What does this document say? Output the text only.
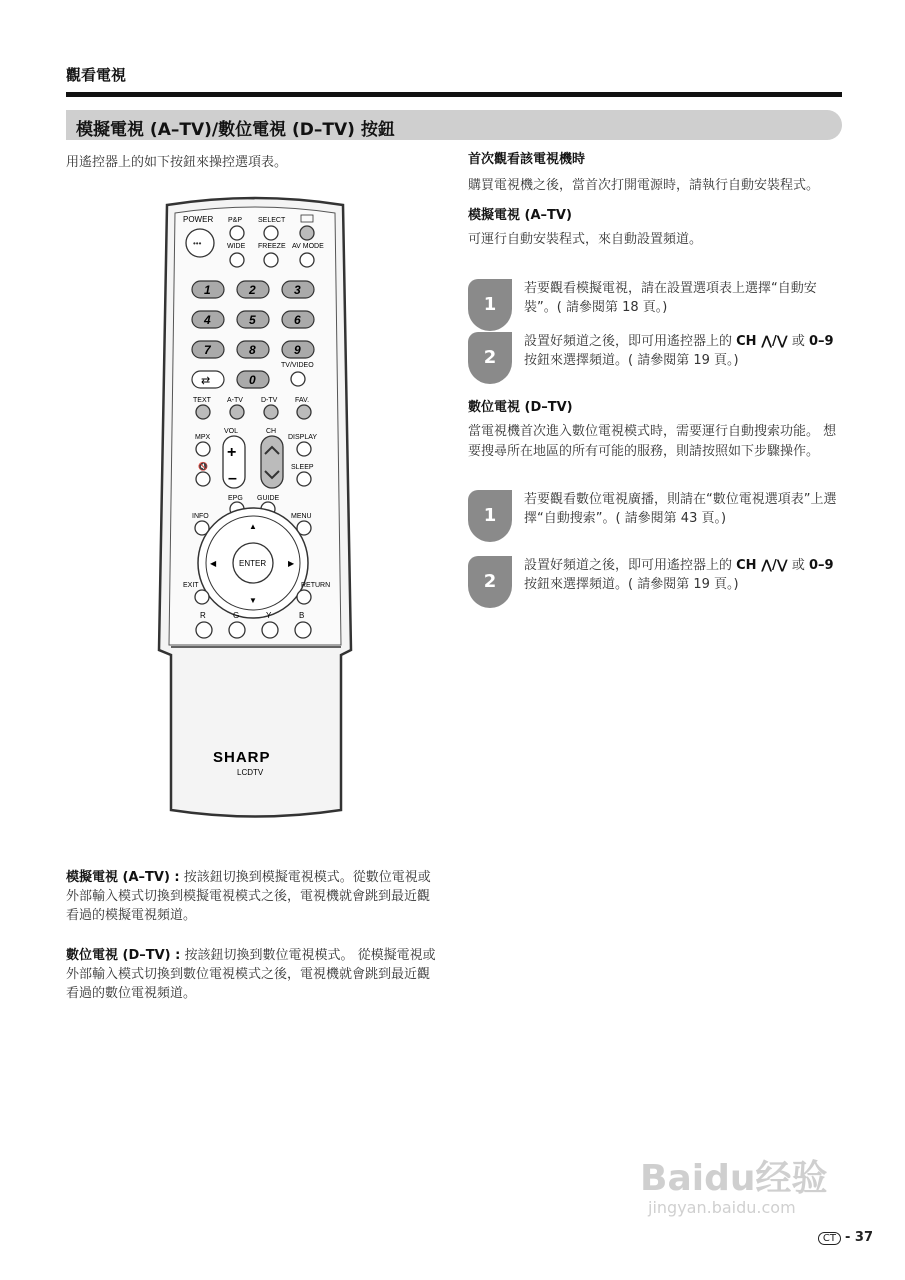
觀看電視
模擬電視 (A–TV)/數位電視 (D–TV) 按鈕
用遙控器上的如下按鈕來操控選項表。
POWER P&P SELECT
•••	WIDE FREEZE AV MODE
1	2	3
4	5	6
7	8	9
TV/VIDEO
⇄	0
TEXT A-TV	D-TV	FAV.
MPX
VOL	CH
DISPLAY
+
–
🔇	SLEEP
EPG GUIDE
INFO	MENU
ENTER
▲
▼
◀	▶
EXIT	RETURN
R	G	Y	B
SHARP
LCDTV
首次觀看該電視機時
購買電視機之後，當首次打開電源時，請執行自動安裝程式。
模擬電視 (A–TV)
可運行自動安裝程式，來自動設置頻道。
1
若要觀看模擬電視，請在設置選項表上選擇“自動安裝”。( 請參閱第 18 頁。)
2
設置好頻道之後，即可用遙控器上的 CH ⋀/⋁ 或 0–9 按鈕來選擇頻道。( 請參閱第 19 頁。)
數位電視 (D–TV)
當電視機首次進入數位電視模式時，需要運行自動搜索功能。 想要搜尋所在地區的所有可能的服務，則請按照如下步驟操作。
1
若要觀看數位電視廣播，則請在“數位電視選項表”上選擇“自動搜索”。( 請參閱第 43 頁。)
2
設置好頻道之後，即可用遙控器上的 CH ⋀/⋁ 或 0–9 按鈕來選擇頻道。( 請參閱第 19 頁。)
模擬電視 (A–TV) : 按該鈕切換到模擬電視模式。從數位電視或外部輸入模式切換到模擬電視模式之後，電視機就會跳到最近觀看過的模擬電視頻道。
數位電視 (D–TV) : 按該鈕切換到數位電視模式。 從模擬電視或外部輸入模式切換到數位電視模式之後，電視機就會跳到最近觀看過的數位電視頻道。
Baidu经验
jingyan.baidu.com
CT - 37
